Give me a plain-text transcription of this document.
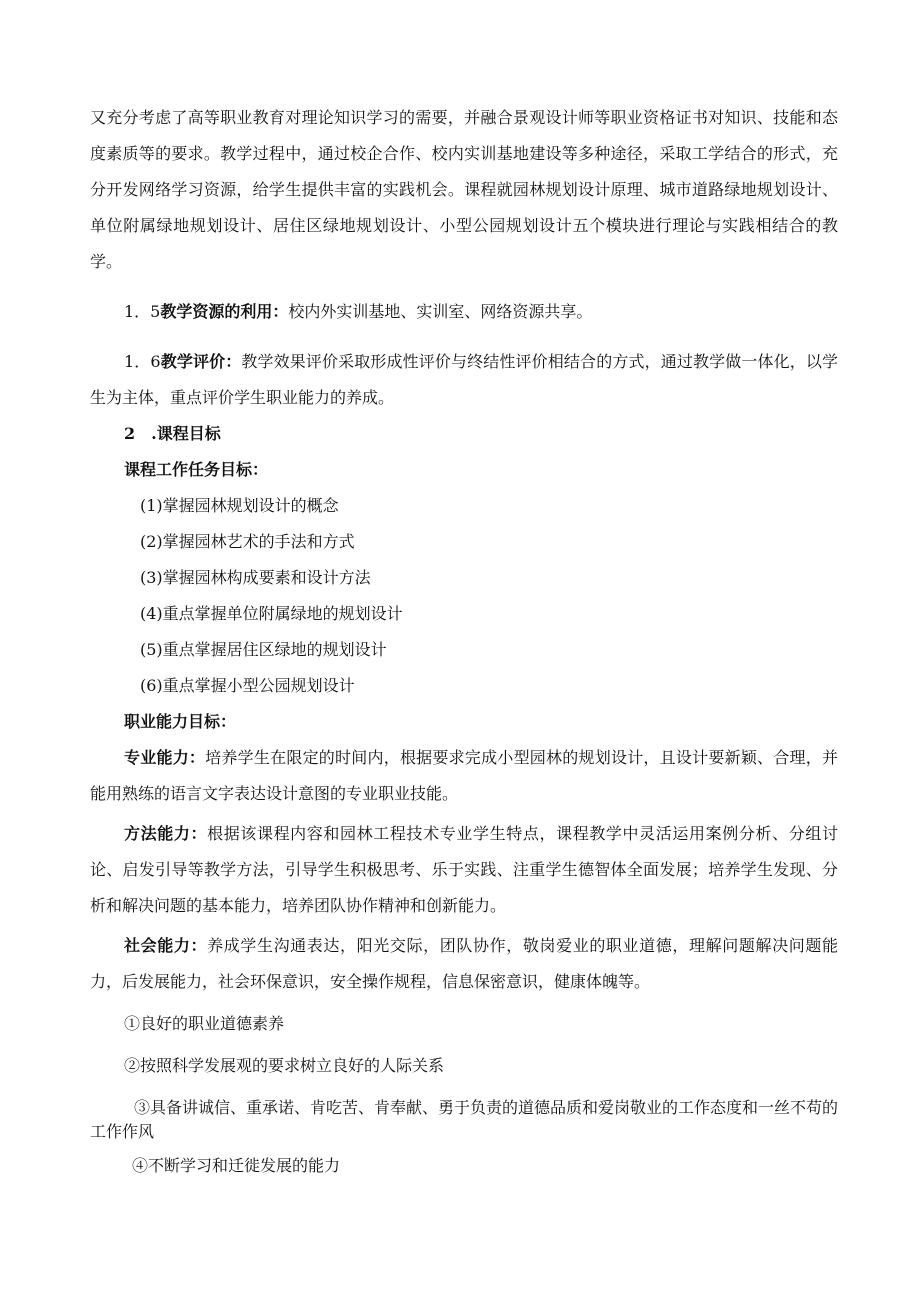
又充分考虑了高等职业教育对理论知识学习的需要，并融合景观设计师等职业资格证书对知识、技能和态度素质等的要求。教学过程中，通过校企合作、校内实训基地建设等多种途径，采取工学结合的形式，充分开发网络学习资源，给学生提供丰富的实践机会。课程就园林规划设计原理、城市道路绿地规划设计、单位附属绿地规划设计、居住区绿地规划设计、小型公园规划设计五个模块进行理论与实践相结合的教学。

1．5教学资源的利用：校内外实训基地、实训室、网络资源共享。

1．6教学评价：教学效果评价采取形成性评价与终结性评价相结合的方式，通过教学做一体化，以学生为主体，重点评价学生职业能力的养成。

2　.课程目标

课程工作任务目标：

(1)掌握园林规划设计的概念

(2)掌握园林艺术的手法和方式

(3)掌握园林构成要素和设计方法

(4)重点掌握单位附属绿地的规划设计

(5)重点掌握居住区绿地的规划设计

(6)重点掌握小型公园规划设计

职业能力目标：

专业能力：培养学生在限定的时间内，根据要求完成小型园林的规划设计，且设计要新颖、合理，并能用熟练的语言文字表达设计意图的专业职业技能。

方法能力：根据该课程内容和园林工程技术专业学生特点，课程教学中灵活运用案例分析、分组讨论、启发引导等教学方法，引导学生积极思考、乐于实践、注重学生德智体全面发展；培养学生发现、分析和解决问题的基本能力，培养团队协作精神和创新能力。

社会能力：养成学生沟通表达，阳光交际，团队协作，敬岗爱业的职业道德，理解问题解决问题能力，后发展能力，社会环保意识，安全操作规程，信息保密意识，健康体魄等。

①良好的职业道德素养

②按照科学发展观的要求树立良好的人际关系

③具备讲诚信、重承诺、肯吃苦、肯奉献、勇于负责的道德品质和爱岗敬业的工作态度和一丝不苟的工作作风

④不断学习和迁徙发展的能力
